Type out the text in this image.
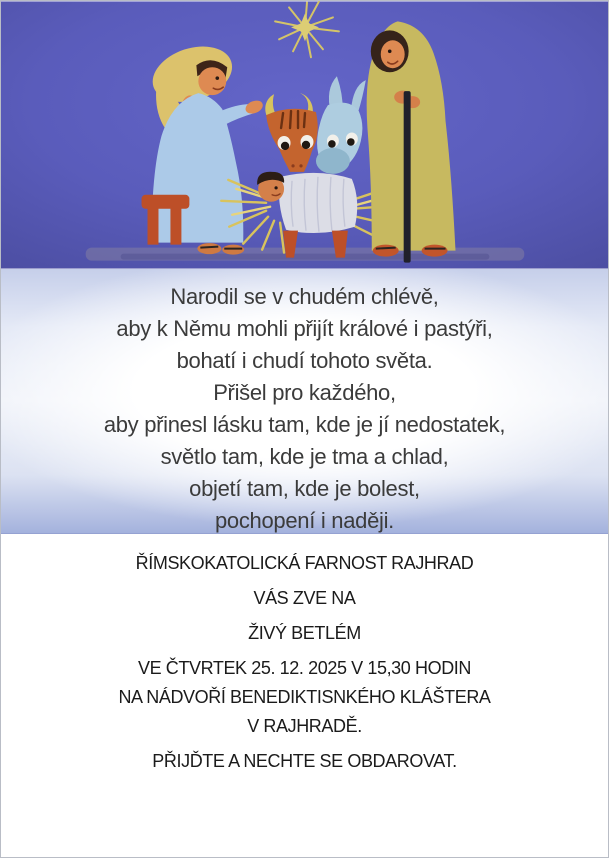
Narodil se v chudém chlévě,

aby k Němu mohli přijít králové i pastýři,

bohatí i chudí tohoto světa.

Přišel pro každého,

aby přinesl lásku tam, kde je jí nedostatek,

světlo tam, kde je tma a chlad,

objetí tam, kde je bolest,

pochopení i naději.

ŘÍMSKOKATOLICKÁ FARNOST RAJHRAD

VÁS ZVE NA

ŽIVÝ BETLÉM

VE ČTVRTEK 25. 12. 2025 V 15,30 HODIN

NA NÁDVOŘÍ BENEDIKTISNKÉHO KLÁŠTERA

V RAJHRADĚ.

PŘIJĎTE A NECHTE SE OBDAROVAT.
